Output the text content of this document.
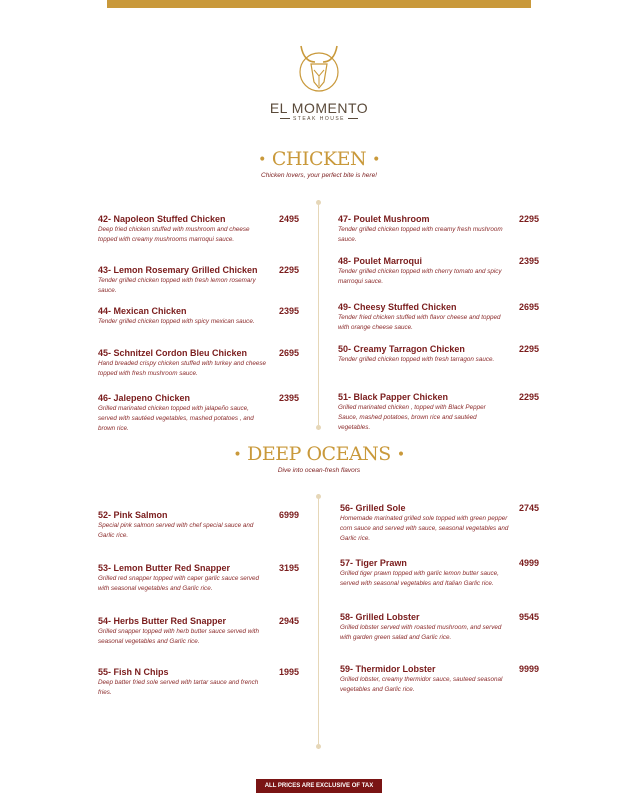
EL MOMENTO
STEAK HOUSE
• CHICKEN •
Chicken lovers, your perfect bite is here!
• DEEP OCEANS •
Dive into ocean-fresh flavors
42- Napoleon Stuffed Chicken	2495
Deep fried chicken stuffed with mushroom and cheese topped with creamy mushrooms marroqui sauce.
43- Lemon Rosemary Grilled Chicken	2295
Tender grilled chicken topped with fresh lemon rosemary sauce.
44- Mexican Chicken	2395
Tender grilled chicken topped with spicy mexican sauce.
45- Schnitzel Cordon Bleu Chicken	2695
Hand breaded crispy chicken stuffed with turkey and cheese topped with fresh mushroom sauce.
46- Jalepeno Chicken	2395
Grilled marinated chicken topped with jalapeño sauce, served with sautéed vegetables, mashed potatoes , and brown rice.
47- Poulet Mushroom	2295
Tender grilled chicken topped with creamy fresh mushroom sauce.
48- Poulet Marroqui	2395
Tender grilled chicken topped with cherry tomato and spicy marroqui sauce.
49- Cheesy Stuffed Chicken	2695
Tender fried chicken stuffed with flavor cheese and topped with orange cheese sauce.
50- Creamy Tarragon Chicken	2295
Tender grilled chicken topped with fresh tarragon sauce.
51- Black Papper Chicken	2295
Grilled marinated chicken , topped with Black Pepper Sauce, mashed potatoes, brown rice and sautéed vegetables.
52- Pink Salmon	6999
Special pink salmon served with chef special sauce and Garlic rice.
53- Lemon Butter Red Snapper	3195
Grilled red snapper topped with caper garlic sauce served with seasonal vegetables and Garlic rice.
54- Herbs Butter Red Snapper	2945
Grilled snapper topped with herb butter sauce served with seasonal vegetables and Garlic rice.
55- Fish N Chips	1995
Deep batter fried sole served with tartar sauce and french fries.
56- Grilled Sole	2745
Homemade marinated grilled sole topped with green pepper corn sauce and served with sauce, seasonal vegetables and Garlic rice.
57- Tiger Prawn	4999
Grilled tiger prawn topped with garlic lemon butter sauce, served with seasonal vegetables and Italian Garlic rice.
58- Grilled Lobster	9545
Grilled lobster served with roasted mushroom, and served with garden green salad and Garlic rice.
59- Thermidor Lobster	9999
Grilled lobster, creamy thermidor sauce, sauteed seasonal vegetables and Garlic rice.
ALL PRICES ARE EXCLUSIVE OF TAX
